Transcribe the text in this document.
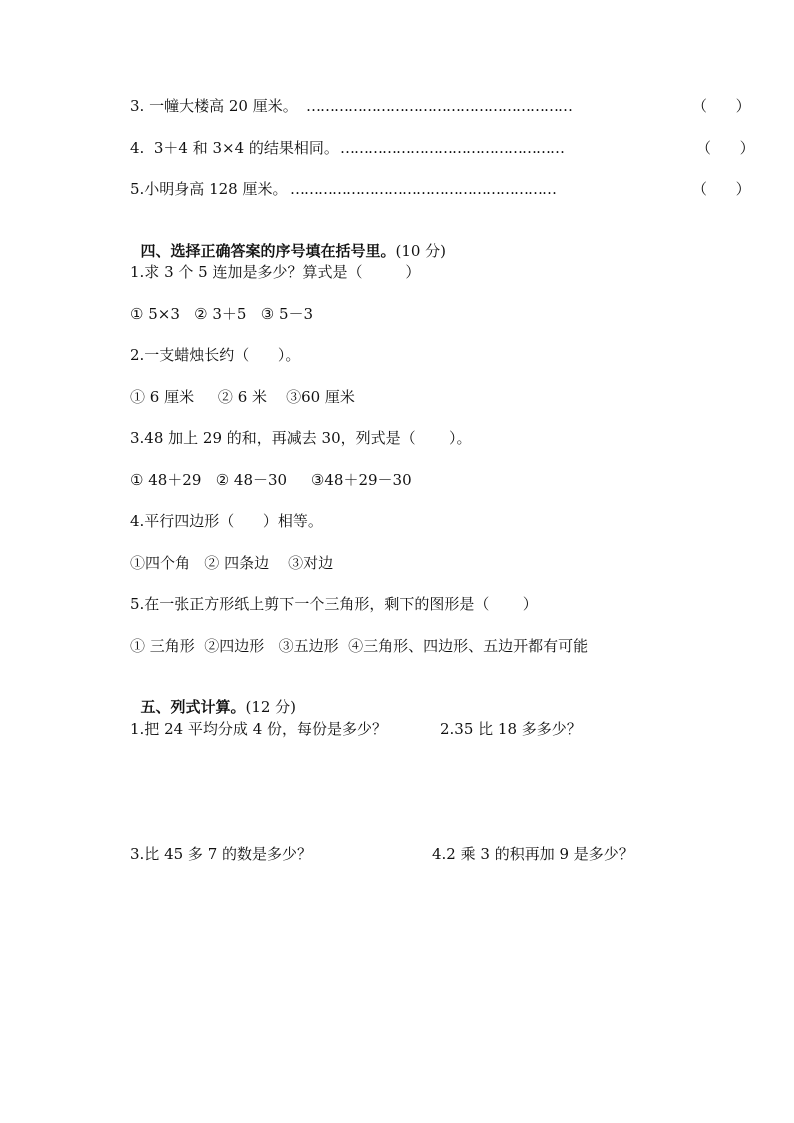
3. 一幢大楼高 20 厘米。 …………………………………………………	（      ）
4.  3＋4 和 3×4 的结果相同。 …………………………………………	（      ）
5.小明身高 128 厘米。 …………………………………………………	（      ）

四、选择正确答案的序号填在括号里。(10 分)

1.求 3 个 5 连加是多少？算式是（         ）
① 5×3   ② 3＋5   ③ 5－3
2.一支蜡烛长约（      ）。
① 6 厘米     ② 6 米    ③60 厘米
3.48 加上 29 的和，再减去 30，列式是（       ）。
① 48＋29   ② 48－30     ③48＋29－30
4.平行四边形（      ）相等。
①四个角   ② 四条边    ③对边
5.在一张正方形纸上剪下一个三角形，剩下的图形是（       ）
① 三角形  ②四边形   ③五边形  ④三角形、四边形、五边开都有可能

五、列式计算。(12 分)

1.把 24 平均分成 4 份，每份是多少？	2.35 比 18 多多少？
3.比 45 多 7 的数是多少？	4.2 乘 3 的积再加 9 是多少？
